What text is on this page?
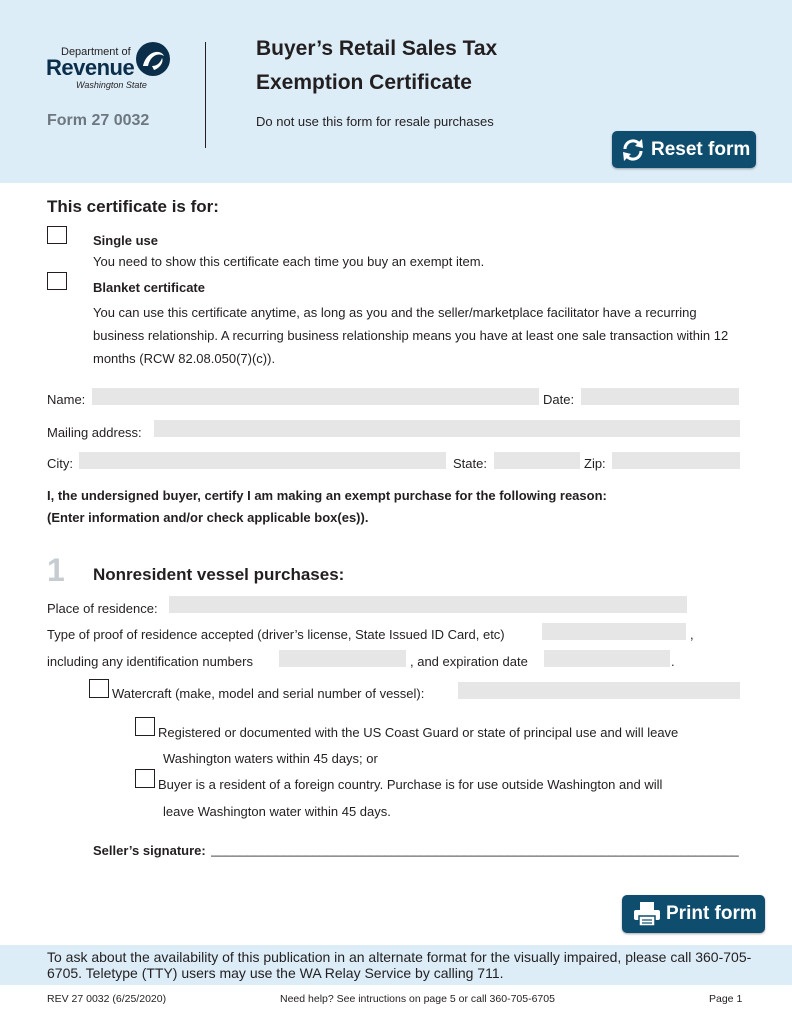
Department of
Revenue
Washington State
Form 27 0032
Buyer’s Retail Sales Tax
Exemption Certificate
Do not use this form for resale purchases
Reset form
This certificate is for:
Single use
You need to show this certificate each time you buy an exempt item.
Blanket certificate
You can use this certificate anytime, as long as you and the seller/marketplace facilitator have a recurring business relationship. A recurring business relationship means you have at least one sale transaction within 12 months (RCW 82.08.050(7)(c)).
Name:	Date:
Mailing address:
City:	State:	Zip:
I, the undersigned buyer, certify I am making an exempt purchase for the following reason:
(Enter information and/or check applicable box(es)).
1 Nonresident vessel purchases:
Place of residence:
Type of proof of residence accepted (driver’s license, State Issued ID Card, etc)	,
including any identification numbers	, and expiration date	.
Watercraft (make, model and serial number of vessel):
Registered or documented with the US Coast Guard or state of principal use and will leave
Washington waters within 45 days; or
Buyer is a resident of a foreign country. Purchase is for use outside Washington and will
leave Washington water within 45 days.
Seller’s signature: _________________________________________________________________________
Print form
To ask about the availability of this publication in an alternate format for the visually impaired, please call 360-705-6705. Teletype (TTY) users may use the WA Relay Service by calling 711.
REV 27 0032 (6/25/2020)	Need help? See intructions on page 5 or call 360-705-6705	Page 1
